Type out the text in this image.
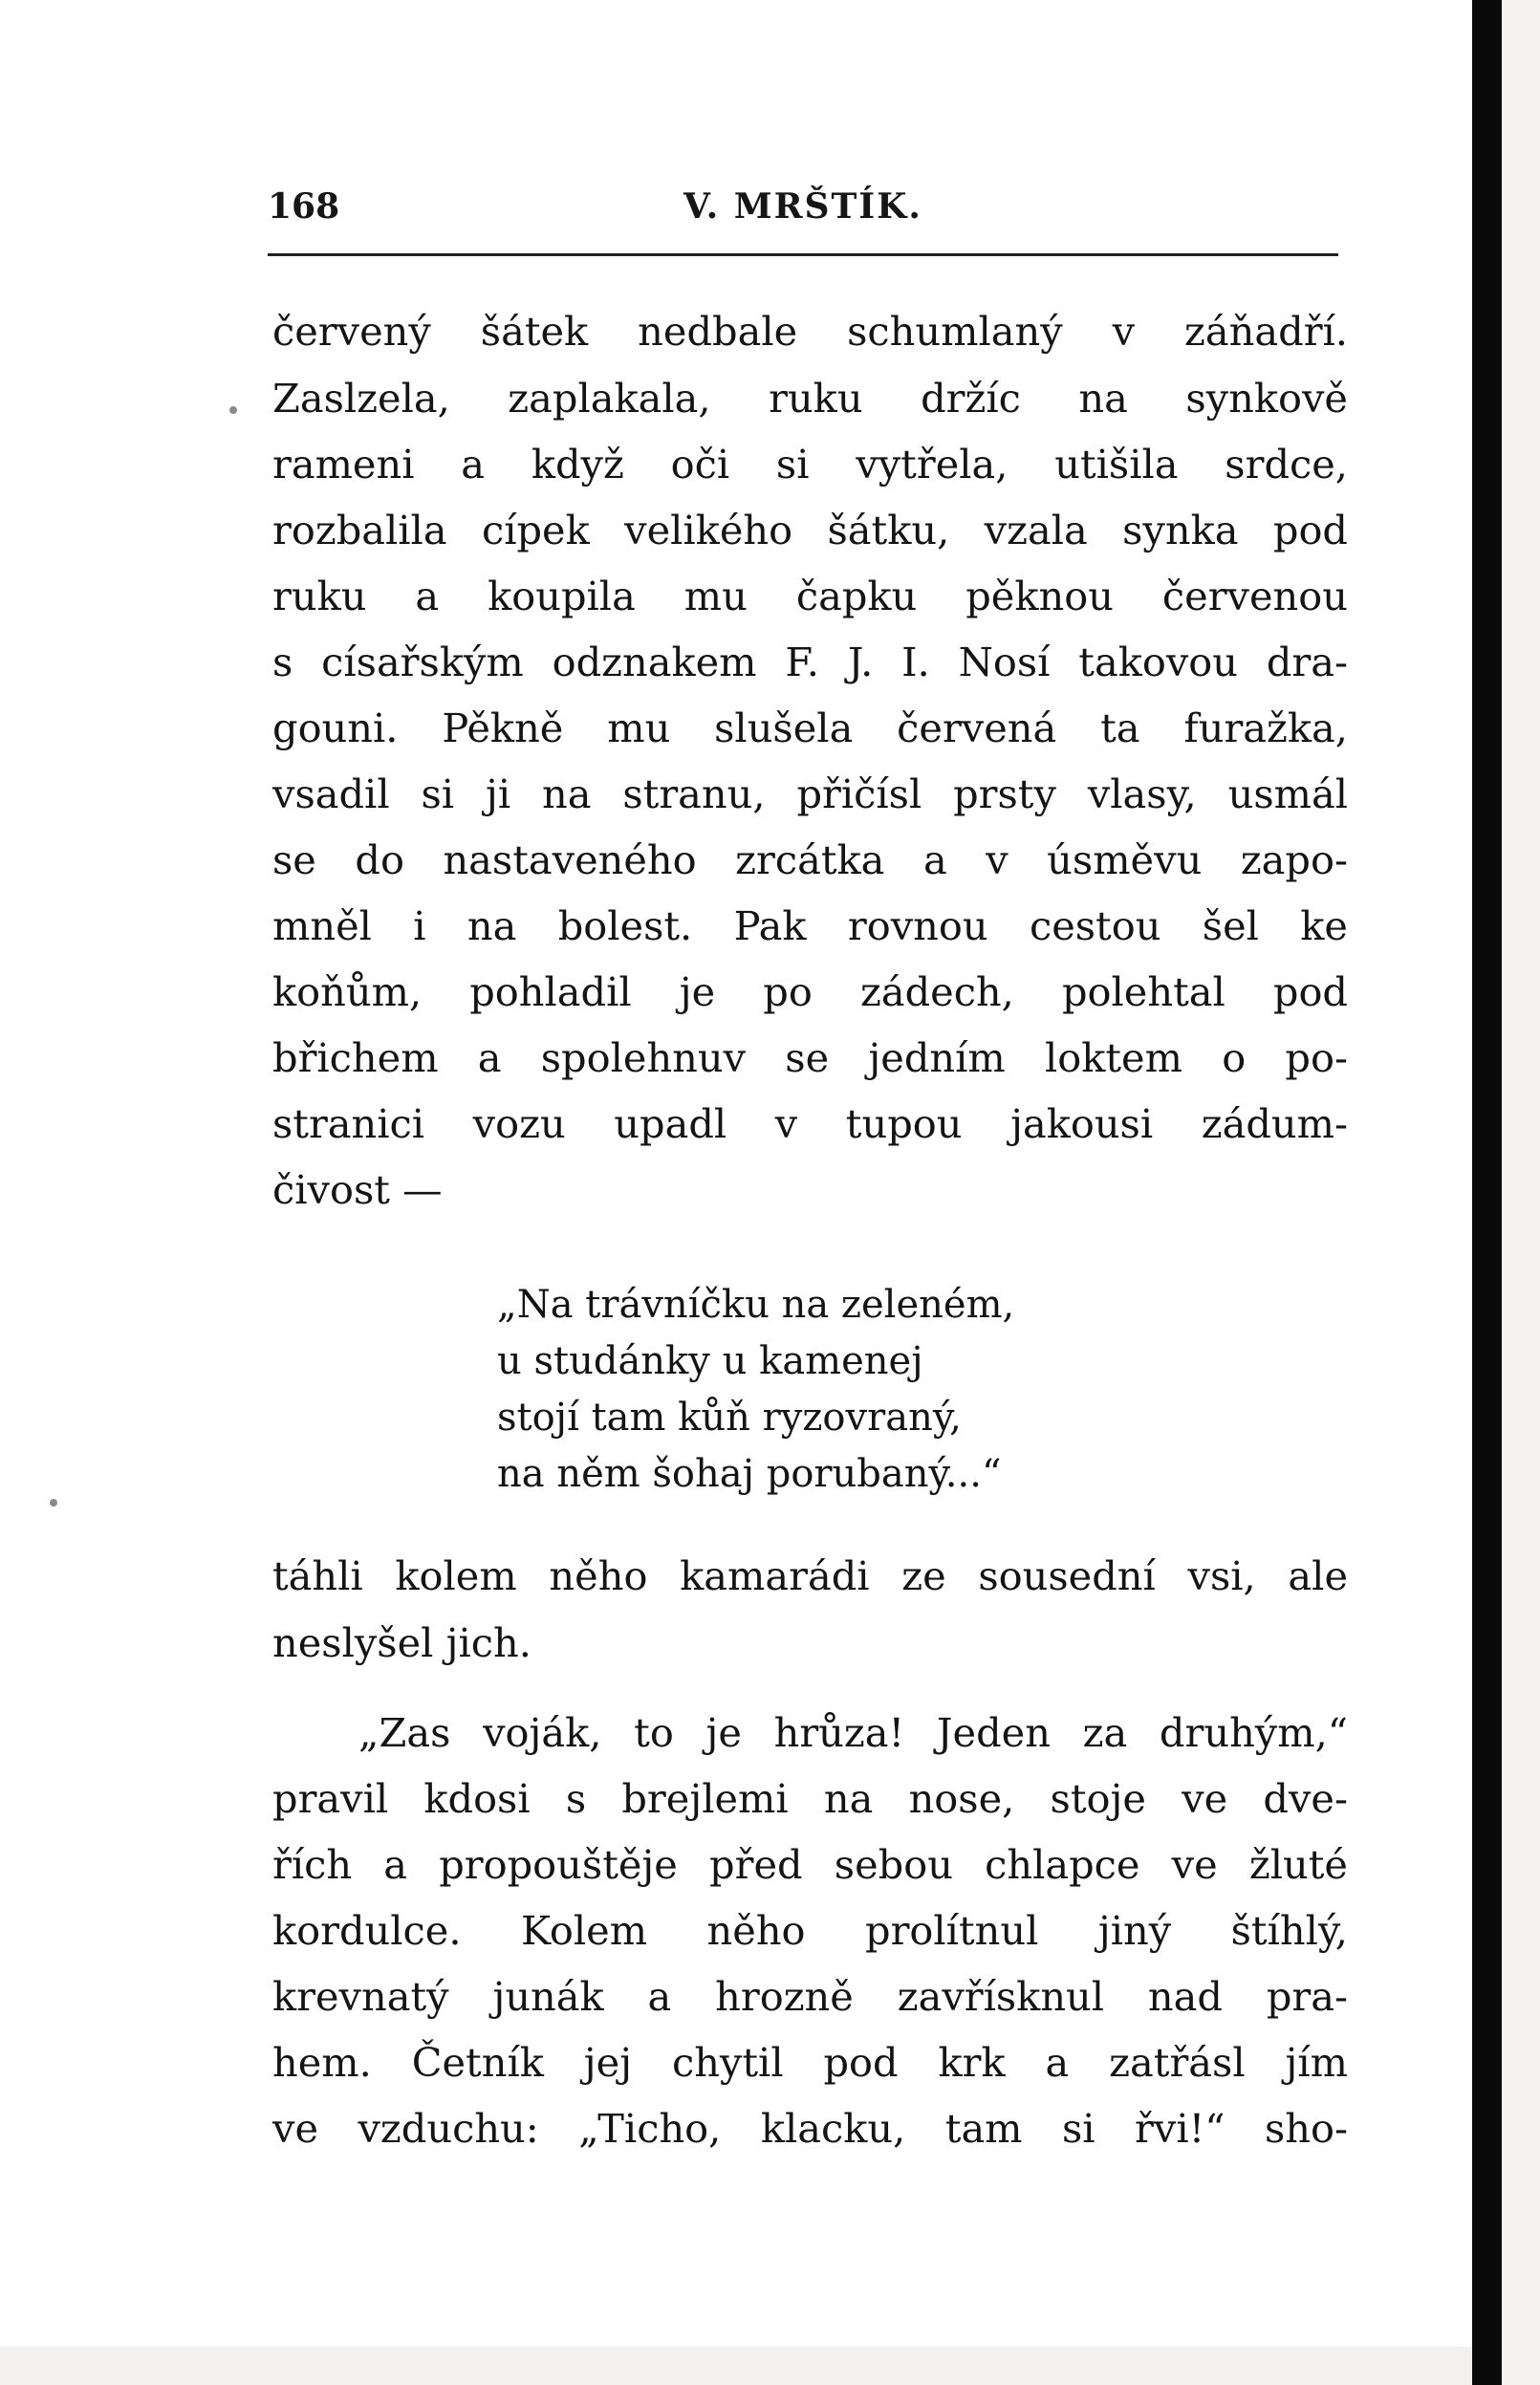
168	V. MRŠTÍK.
červený šátek nedbale schumlaný v záňadří.
Zaslzela, zaplakala, ruku držíc na synkově
rameni a když oči si vytřela, utišila srdce,
rozbalila cípek velikého šátku, vzala synka pod
ruku a koupila mu čapku pěknou červenou
s císařským odznakem F. J. I. Nosí takovou dra-
gouni. Pěkně mu slušela červená ta furažka,
vsadil si ji na stranu, přičísl prsty vlasy, usmál
se do nastaveného zrcátka a v úsměvu zapo-
mněl i na bolest. Pak rovnou cestou šel ke
koňům, pohladil je po zádech, polehtal pod
břichem a spolehnuv se jedním loktem o po-
stranici vozu upadl v tupou jakousi zádum-
čivost —
„Na trávníčku na zeleném,
u studánky u kamenej
stojí tam kůň ryzovraný,
na něm šohaj porubaný...“
táhli kolem něho kamarádi ze sousední vsi, ale
neslyšel jich.
„Zas voják, to je hrůza! Jeden za druhým,“
pravil kdosi s brejlemi na nose, stoje ve dve-
řích a propouštěje před sebou chlapce ve žluté
kordulce. Kolem něho prolítnul jiný štíhlý,
krevnatý junák a hrozně zavřísknul nad pra-
hem. Četník jej chytil pod krk a zatřásl jím
ve vzduchu: „Ticho, klacku, tam si řvi!“ sho-
